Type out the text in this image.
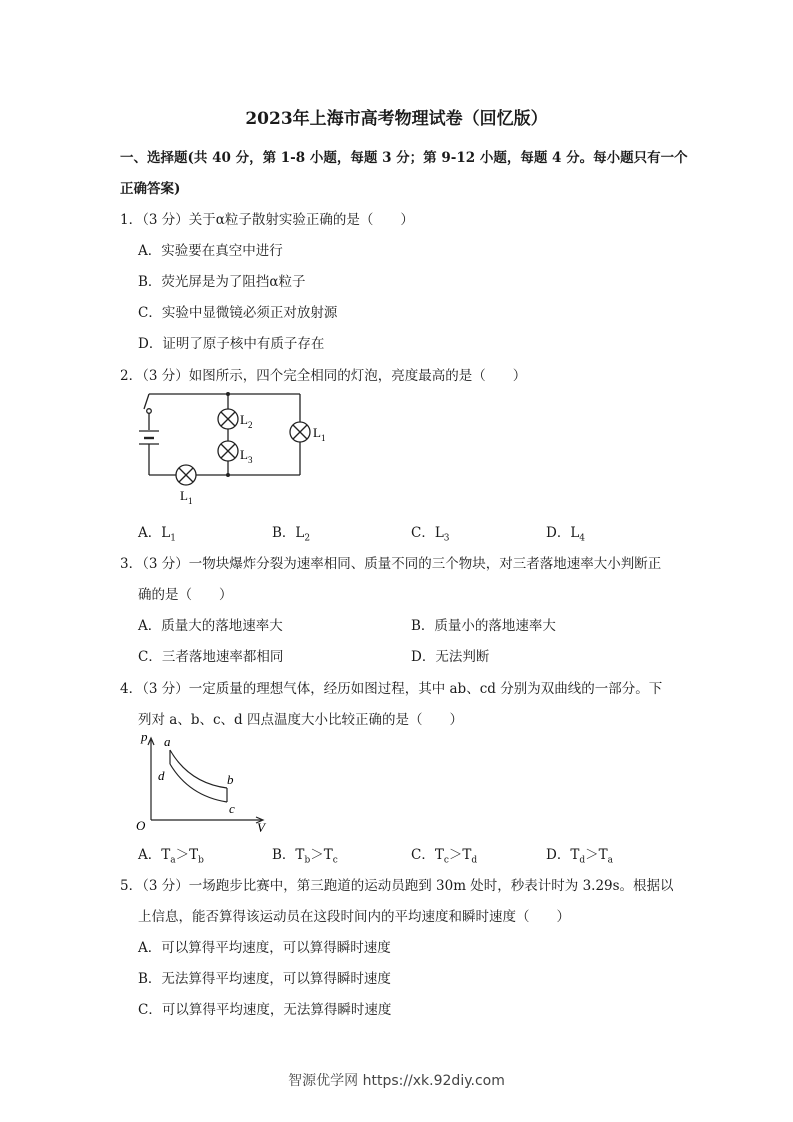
2023年上海市高考物理试卷（回忆版）
一、选择题(共 40 分，第 1-8 小题，每题 3 分；第 9-12 小题，每题 4 分。每小题只有一个
正确答案)
1．（3 分）关于α粒子散射实验正确的是（　　）
A．实验要在真空中进行
B．荧光屏是为了阻挡α粒子
C．实验中显微镜必须正对放射源
D．证明了原子核中有质子存在
2．（3 分）如图所示，四个完全相同的灯泡，亮度最高的是（　　）
$L_2$
$L_3$
$L_1$
$L_1$
A．$L_1$	B．$L_2$	C．$L_3$	D．$L_4$
3．（3 分）一物块爆炸分裂为速率相同、质量不同的三个物块，对三者落地速率大小判断正
确的是（　　）
A．质量大的落地速率大	B．质量小的落地速率大
C．三者落地速率都相同	D．无法判断
4．（3 分）一定质量的理想气体，经历如图过程，其中 ab、cd 分别为双曲线的一部分。下
列对 a、b、c、d 四点温度大小比较正确的是（　　）
p
V
O
a
d	b
c
A．$T_a>T_b$	B．$T_b>T_c$	C．$T_c>T_d$	D．$T_d>T_a$
5．（3 分）一场跑步比赛中，第三跑道的运动员跑到 30m 处时，秒表计时为 3.29s。根据以
上信息，能否算得该运动员在这段时间内的平均速度和瞬时速度（　　）
A．可以算得平均速度，可以算得瞬时速度
B．无法算得平均速度，可以算得瞬时速度
C．可以算得平均速度，无法算得瞬时速度
智源优学网 https://xk.92diy.com
